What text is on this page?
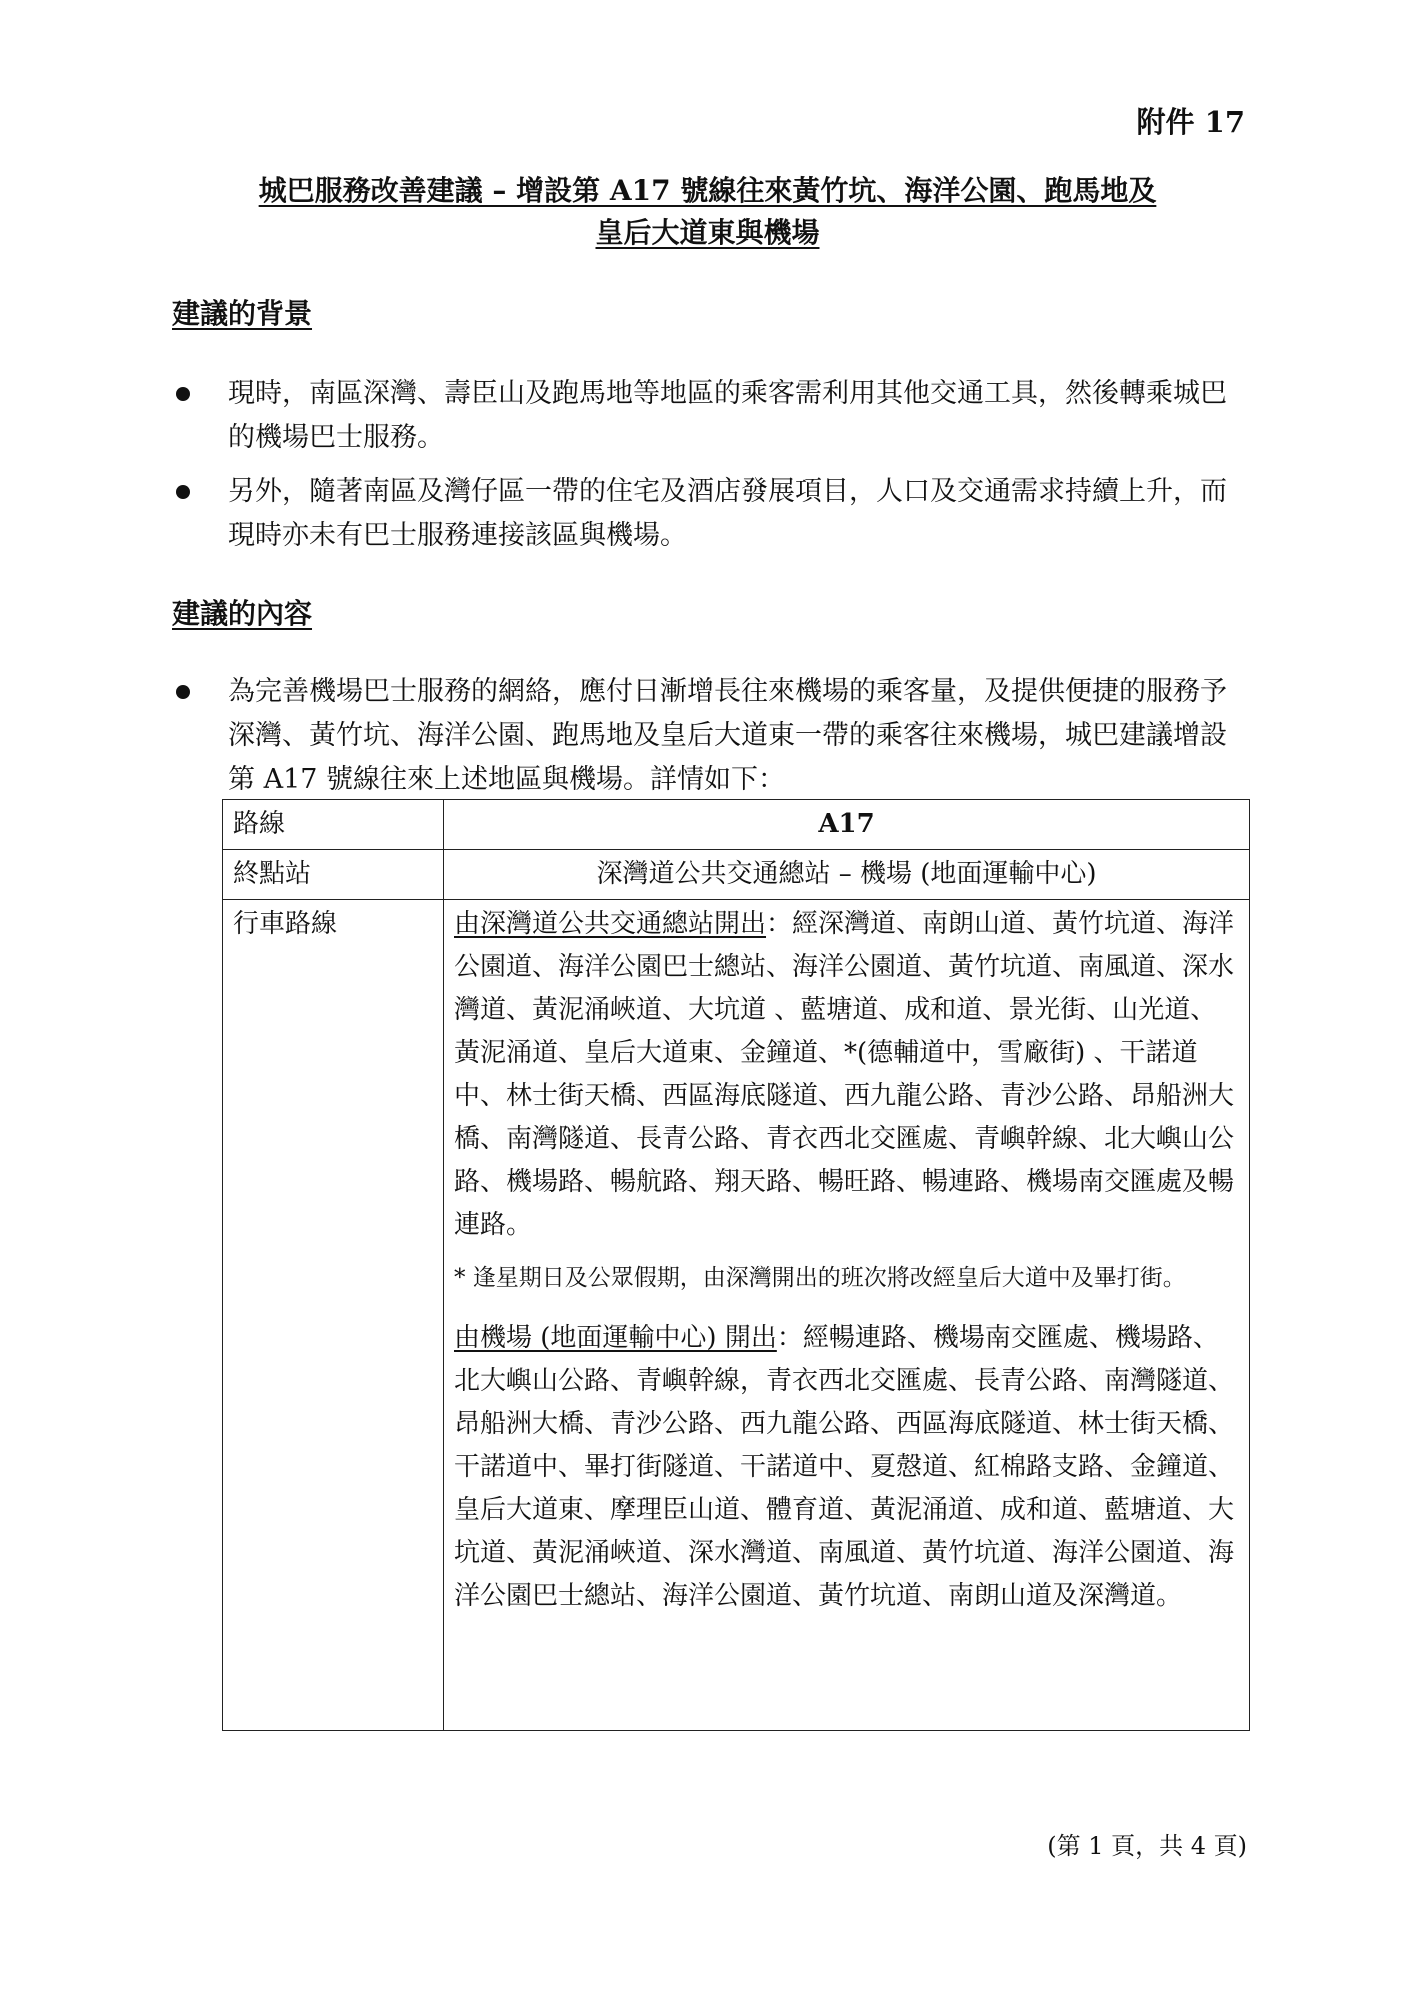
附件 17
城巴服務改善建議 – 增設第 A17 號線往來黃竹坑、海洋公園、跑馬地及
皇后大道東與機場
建議的背景
現時，南區深灣、壽臣山及跑馬地等地區的乘客需利用其他交通工具，然後轉乘城巴的機場巴士服務。
另外，隨著南區及灣仔區一帶的住宅及酒店發展項目，人口及交通需求持續上升，而現時亦未有巴士服務連接該區與機場。
建議的內容
為完善機場巴士服務的網絡，應付日漸增長往來機場的乘客量，及提供便捷的服務予深灣、黃竹坑、海洋公園、跑馬地及皇后大道東一帶的乘客往來機場，城巴建議增設第 A17 號線往來上述地區與機場。詳情如下：
路線	A17
終點站	深灣道公共交通總站 – 機場 (地面運輸中心)
行車路線	由深灣道公共交通總站開出：經深灣道、南朗山道、黃竹坑道、海洋公園道、海洋公園巴士總站、海洋公園道、黃竹坑道、南風道、深水灣道、黃泥涌峽道、大坑道 、藍塘道、成和道、景光街、山光道、黃泥涌道、皇后大道東、金鐘道、*(德輔道中，雪廠街) 、干諾道中、林士街天橋、西區海底隧道、西九龍公路、青沙公路、昂船洲大橋、南灣隧道、長青公路、青衣西北交匯處、青嶼幹線、北大嶼山公路、機場路、暢航路、翔天路、暢旺路、暢連路、機場南交匯處及暢連路。
* 逢星期日及公眾假期，由深灣開出的班次將改經皇后大道中及畢打街。
由機場 (地面運輸中心) 開出：經暢連路、機場南交匯處、機場路、北大嶼山公路、青嶼幹線，青衣西北交匯處、長青公路、南灣隧道、昂船洲大橋、青沙公路、西九龍公路、西區海底隧道、林士街天橋、干諾道中、畢打街隧道、干諾道中、夏慤道、紅棉路支路、金鐘道、皇后大道東、摩理臣山道、體育道、黃泥涌道、成和道、藍塘道、大坑道、黃泥涌峽道、深水灣道、南風道、黃竹坑道、海洋公園道、海洋公園巴士總站、海洋公園道、黃竹坑道、南朗山道及深灣道。
(第 1 頁，共 4 頁)
